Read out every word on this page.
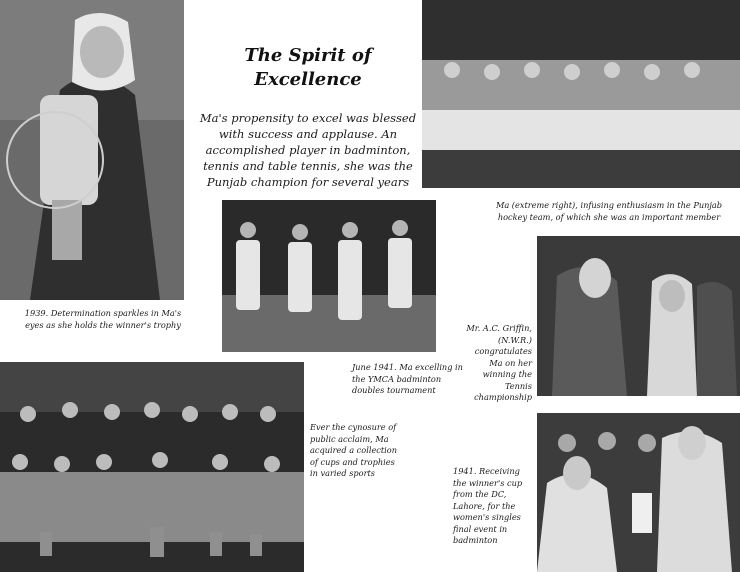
1939. Determination sparkles in Ma's eyes as she holds the winner's trophy
The Spirit of Excellence
Ma's propensity to excel was blessed with success and applause. An accomplished player in badminton, tennis and table tennis, she was the Punjab champion for several years
Ma (extreme right), infusing enthusiasm in the Punjab hockey team, of which she was an important member
June 1941. Ma excelling in the YMCA badminton doubles tournament
Mr. A.C. Griffin, (N.W.R.) congratulates Ma on her winning the Tennis championship
Ever the cynosure of public acclaim, Ma acquired a collection of cups and trophies in varied sports	1941. Receiving the winner's cup from the DC, Lahore, for the women's singles final event in badminton
